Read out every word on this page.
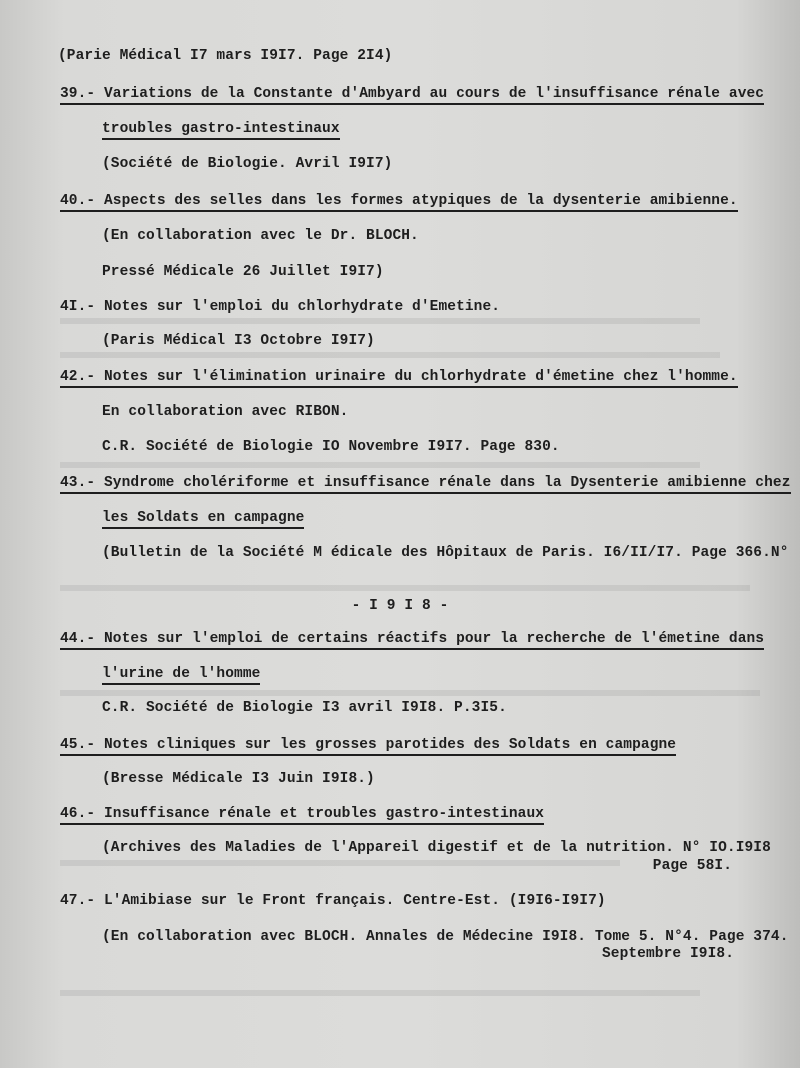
(Parie Médical I7 mars I9I7. Page 2I4)
39.- Variations de la Constante d'Ambyard au cours de l'insuffisance rénale avec
troubles gastro-intestinaux
(Société de Biologie. Avril I9I7)
40.- Aspects des selles dans les formes atypiques de la dysenterie amibienne.
(En collaboration avec le Dr. BLOCH.
Pressé Médicale 26 Juillet I9I7)
4I.- Notes sur l'emploi du chlorhydrate d'Emetine.
(Paris Médical I3 Octobre I9I7)
42.- Notes sur l'élimination urinaire du chlorhydrate d'émetine chez l'homme.
En collaboration avec RIBON.
C.R. Société de Biologie IO Novembre I9I7. Page 830.
43.- Syndrome cholériforme et insuffisance rénale dans la Dysenterie amibienne chez
les Soldats en campagne
(Bulletin de la Société M édicale des Hôpitaux de Paris. I6/II/I7. Page 366.N°
- I 9 I 8 -
44.- Notes sur l'emploi de certains réactifs pour la recherche de l'émetine dans
l'urine de l'homme
C.R. Société de Biologie I3 avril I9I8. P.3I5.
45.- Notes cliniques sur les grosses parotides des Soldats en campagne
(Bresse Médicale I3 Juin I9I8.)
46.- Insuffisance rénale et troubles gastro-intestinaux
(Archives des Maladies de l'Appareil digestif et de la nutrition. N° IO.I9I8
Page 58I.
47.- L'Amibiase sur le Front français. Centre-Est. (I9I6-I9I7)
(En collaboration avec BLOCH. Annales de Médecine I9I8. Tome 5. N°4. Page 374.
Septembre I9I8.
